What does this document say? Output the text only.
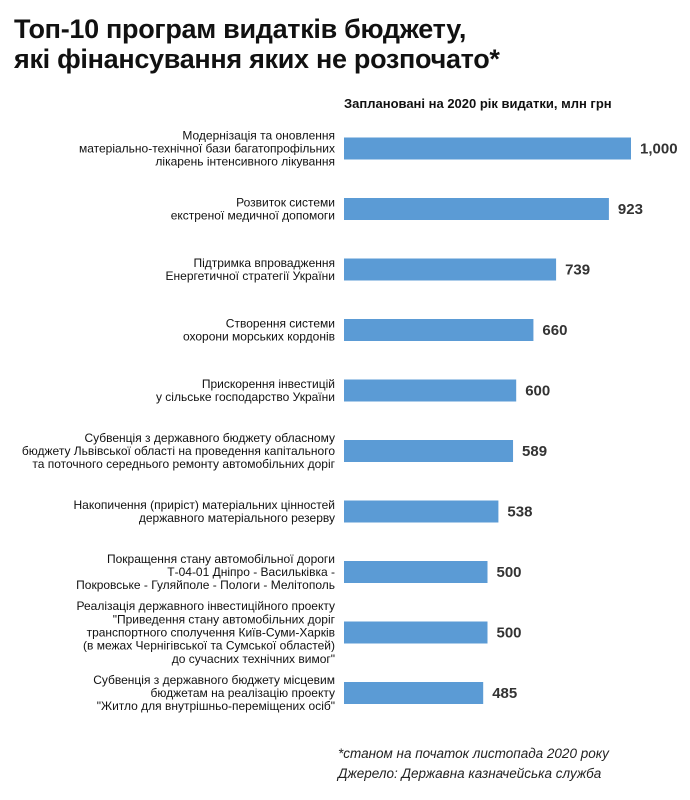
Топ-10 програм видатків бюджету,
які фінансування яких не розпочато*
Заплановані на 2020 рік видатки, млн грн
1,000
Модернізація та оновлення матеріально-технічної бази багатопрофільних лікарень інтенсивного лікування
923
Розвиток системи екстреної медичної допомоги
739
Підтримка впровадження Енергетичної стратегії України
660
Створення системи охорони морських кордонів
600
Прискорення інвестицій у сільське господарство України
589
Субвенція з державного бюджету обласному бюджету Львівської області на проведення капітального та поточного середнього ремонту автомобільних доріг
538
Накопичення (приріст) матеріальних цінностей державного матеріального резерву
500
Покращення стану автомобільної дороги Т-04-01 Дніпро - Василькiвка -Покровське - Гуляйполе - Пологи - Мелітополь
500
Реалізація державного інвестиційного проекту "Приведення стану автомобільних доріг транспортного сполучення Київ-Суми-Харків (в межах Чернігівської та Сумської областей) до сучасних технічних вимог"
485
Субвенція з державного бюджету місцевим бюджетам на реалізацію проекту "Житло для внутрішньо-переміщених осіб"
*станом на початок листопада 2020 року
Джерело: Державна казначейська служба
